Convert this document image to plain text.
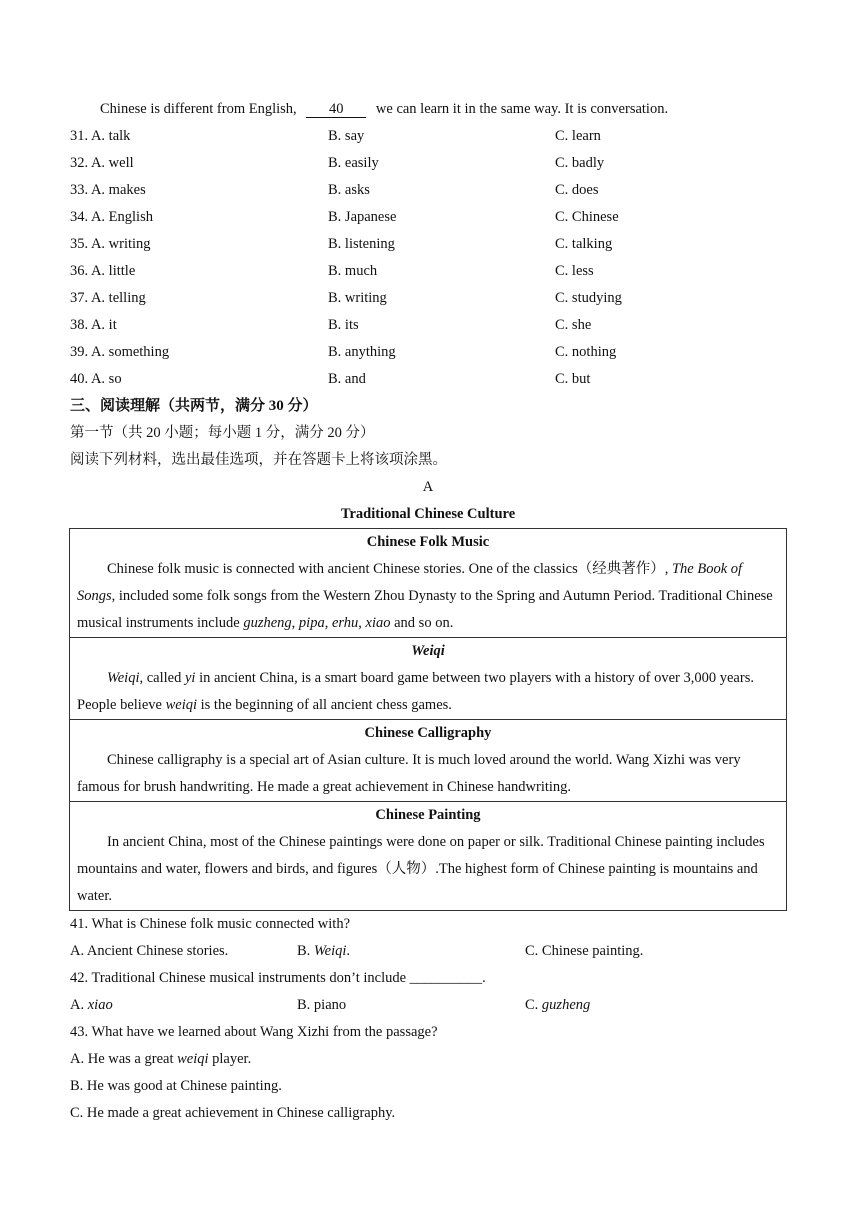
Chinese is different from English, 40 we can learn it in the same way. It is conversation.
31. A. talk	B. say	C. learn
32. A. well	B. easily	C. badly
33. A. makes	B. asks	C. does
34. A. English	B. Japanese	C. Chinese
35. A. writing	B. listening	C. talking
36. A. little	B. much	C. less
37. A. telling	B. writing	C. studying
38. A. it	B. its	C. she
39. A. something	B. anything	C. nothing
40. A. so	B. and	C. but
三、阅读理解（共两节，满分 30 分）
第一节（共 20 小题；每小题 1 分，满分 20 分）
阅读下列材料，选出最佳选项，并在答题卡上将该项涂黑。
A
Traditional Chinese Culture
Chinese Folk Music
Chinese folk music is connected with ancient Chinese stories. One of the classics（经典著作）, The Book of Songs, included some folk songs from the Western Zhou Dynasty to the Spring and Autumn Period. Traditional Chinese musical instruments include guzheng, pipa, erhu, xiao and so on.

Weiqi
Weiqi, called yi in ancient China, is a smart board game between two players with a history of over 3,000 years. People believe weiqi is the beginning of all ancient chess games.

Chinese Calligraphy
Chinese calligraphy is a special art of Asian culture. It is much loved around the world. Wang Xizhi was very famous for brush handwriting. He made a great achievement in Chinese handwriting.

Chinese Painting
In ancient China, most of the Chinese paintings were done on paper or silk. Traditional Chinese painting includes mountains and water, flowers and birds, and figures（人物）.The highest form of Chinese painting is mountains and water.
41. What is Chinese folk music connected with?
A. Ancient Chinese stories.	B. Weiqi.	C. Chinese painting.
42. Traditional Chinese musical instruments don’t include __________.
A. xiao	B. piano	C. guzheng
43. What have we learned about Wang Xizhi from the passage?
A. He was a great weiqi player.
B. He was good at Chinese painting.
C. He made a great achievement in Chinese calligraphy.
